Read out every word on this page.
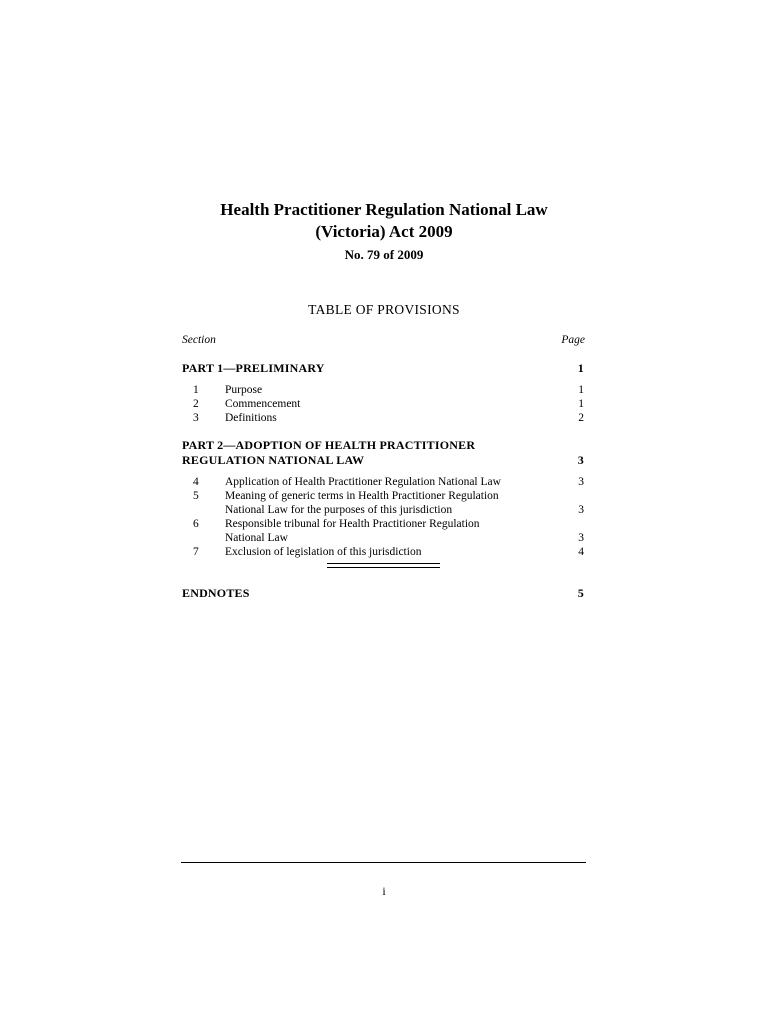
Health Practitioner Regulation National Law
(Victoria) Act 2009
No. 79 of 2009
TABLE OF PROVISIONS
Section	Page
PART 1—PRELIMINARY	1
1	Purpose	1
2	Commencement	1
3	Definitions	2
PART 2—ADOPTION OF HEALTH PRACTITIONER
REGULATION NATIONAL LAW	3
4	Application of Health Practitioner Regulation National Law	3
5	Meaning of generic terms in Health Practitioner Regulation
National Law for the purposes of this jurisdiction	3
6	Responsible tribunal for Health Practitioner Regulation
National Law	3
7	Exclusion of legislation of this jurisdiction	4
ENDNOTES	5
i
